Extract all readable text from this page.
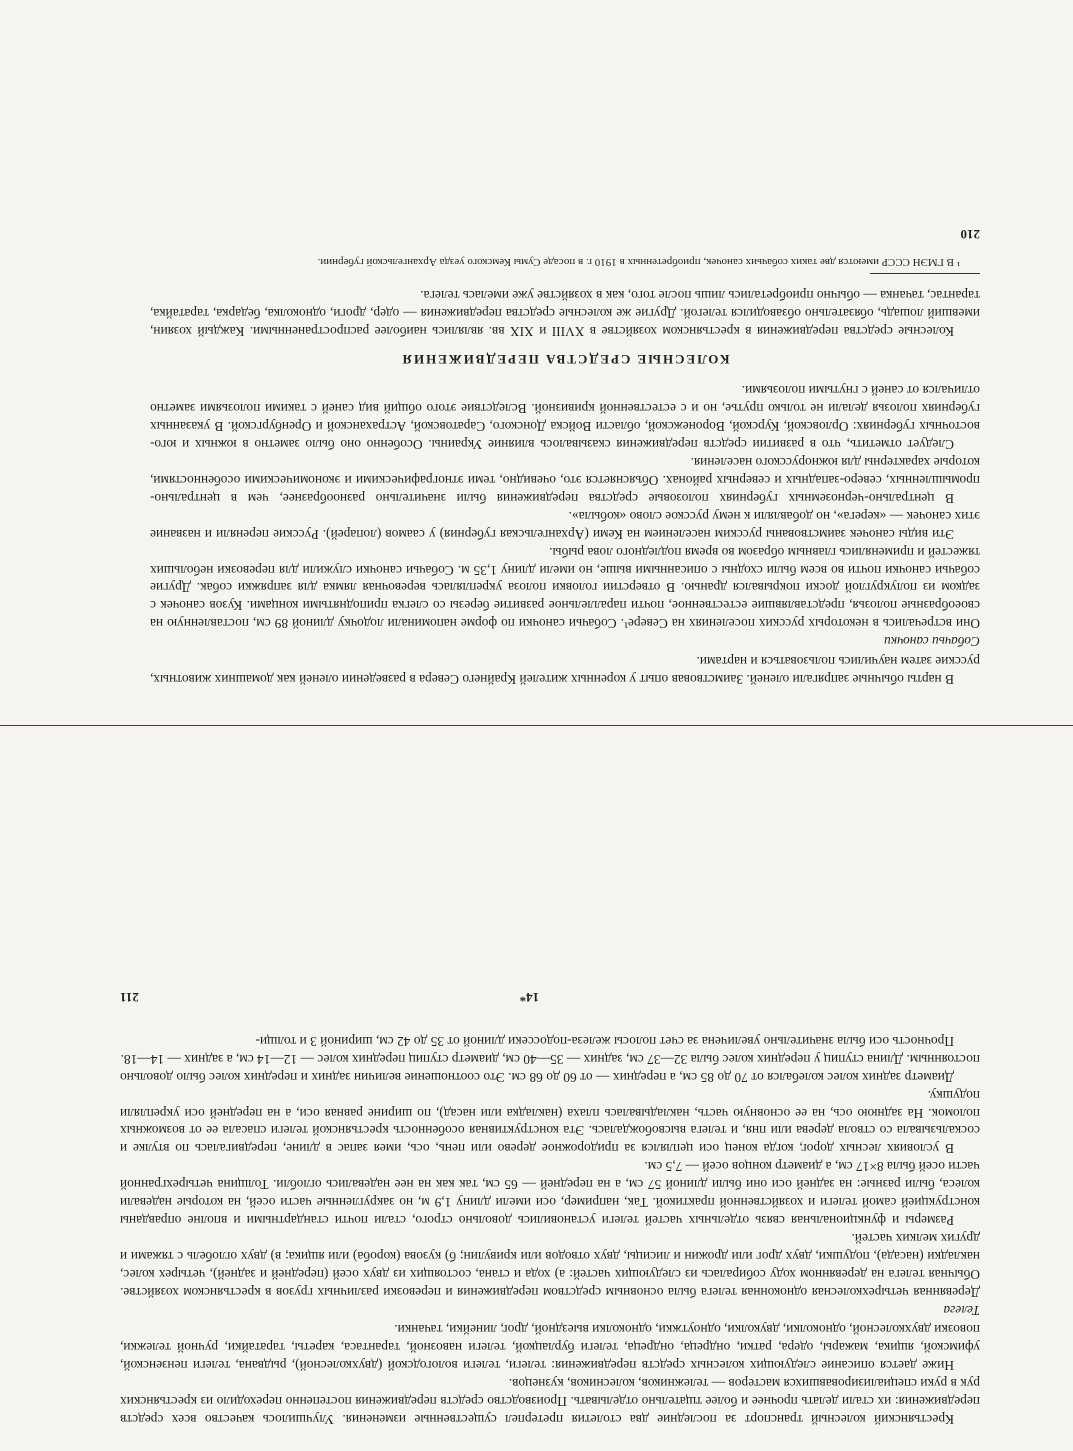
В нарты обычные запрягали оленей. Заимствовав опыт у коренных жителей Крайнего Севера в разведении оленей как домашних животных, русские затем научились пользоваться и нартами.

Собачьи саночки

Они встречались в некоторых русских поселениях на Севере¹. Собачьи саночки по форме напоминали лодочку длиной 89 см, поставленную на своеобразные полозья, представлявшие естественное, почти параллельное развитие березы со слегка приподнятыми концами. Кузов саночек с задком из полукруглой доски покрывался дранью. В отверстии головки полоза укреплялась веревочная лямка для запряжки собак. Другие собачьи саночки почти во всем были сходны с описанными выше, но имели длину 1,35 м. Собачьи саночки служили для перевозки небольших тяжестей и применялись главным образом во время подледного лова рыбы.

Эти виды саночек заимствованы русским населением на Кеми (Архангельская губерния) у саамов (лопарей). Русские переняли и название этих саночек — «керега», но добавляли к нему русское слово «кобыла».

В центрально-черноземных губерниях полозовые средства передвижения были значительно разнообразнее, чем в центрально-промышленных, северо-западных и северных районах. Объясняется это, очевидно, теми этнографическими и экономическими особенностями, которые характерны для южнорусского населения.

Следует отметить, что в развитии средств передвижения сказывалось влияние Украины. Особенно оно было заметно в южных и юго-восточных губерниях: Орловской, Курской, Воронежской, области Войска Донского, Саратовской, Астраханской и Оренбургской. В указанных губерниях полозья делали не только прутье, но и с естественной кривизной. Вследствие этого общий вид саней с такими полозьями заметно отличался от саней с гнутыми полозьями.

КОЛЕСНЫЕ СРЕДСТВА ПЕРЕДВИЖЕНИЯ

Колесные средства передвижения в крестьянском хозяйстве в XVIII и XIX вв. являлись наиболее распространенными. Каждый хозяин, имевший лошадь, обязательно обзаводился телегой. Другие же колесные средства передвижения — одер, дроги, одноколка, бедарка, таратайка, тарантас, тачанка — обычно приобретались лишь после того, как в хозяйстве уже имелась телега.

¹ В ГМЭН СССР имеются две таких собачьих саночек, приобретенных в 1910 г. в посаде Сумы Кемского уезда Архангельской губернии.

210

Крестьянский колесный транспорт за последние два столетия претерпел существенные изменения. Улучшилось качество всех средств передвижения: их стали делать прочнее и более тщательно отделывать. Производство средств передвижения постепенно переходило из крестьянских рук в руки специализировавшихся мастеров — тележников, колесников, кузнецов.

Ниже дается описание следующих колесных средств передвижения: телеги, телеги вологодской (двухколесной), рыдвана, телеги пензенской, уфимской, ящика, мажары, одера, ратки, ондреца, ондреца, телеги бурлацкой, телеги навозной, тарантаса, кареты, таратайки, ручной тележки, повозки двухколесной, одноколки, двуколки, одноутжки, одноколки выездной, дрог, линейки, тачанки.

Телега

Деревянная четырехколесная одноконная телега была основным средством передвижения и перевозки различных грузов в крестьянском хозяйстве. Обычная телега на деревянном ходу собиралась из следующих частей: а) хода и стана, состоящих из двух осей (передней и задней), четырех колес, накладки (насада), подушки, двух дрог или дрожин и лисицы, двух отводов или кривулин; б) кузова (короба) или ящика; в) двух оглобель с тяжами и других мелких частей.

Размеры и функциональная связь отдельных частей телеги установились довольно строго, стали почти стандартными и вполне оправданы конструкцией самой телеги и хозяйственной практикой. Так, например, оси имели длину 1,9 м, но закругленные части осей, на которые надевали колеса, были разные: на задней оси они были длиной 57 см, а на передней — 65 см, так как на нее надевались оглобли. Толщина четырехгранной части осей была 8×17 см, а диаметр концов осей — 7,5 см.

В условиях лесных дорог, когда конец оси цеплялся за придорожное дерево или пень, ось, имея запас в длине, передвигалась по втулке и соскальзывала со ствола дерева или пня, и телега высвобождалась. Эта конструктивная особенность крестьянской телеги спасала ее от возможных поломок. На заднюю ось, на ее основную часть, накладывалась плаха (накладка или насад), по ширине равная оси, а на передней оси укрепляли подушку.

Диаметр задних колес колебался от 70 до 85 см, а передних — от 60 до 68 см. Это соотношение величин задних и передних колес было довольно постоянным. Длина ступиц у передних колес была 32—37 см, задних — 35—40 см, диаметр ступиц передних колес — 12—14 см, а задних — 14—18.

Прочность оси была значительно увеличена за счет полосы железа-подоссеки длиной от 35 до 42 см, шириной 3 и толщи-

14*
211
